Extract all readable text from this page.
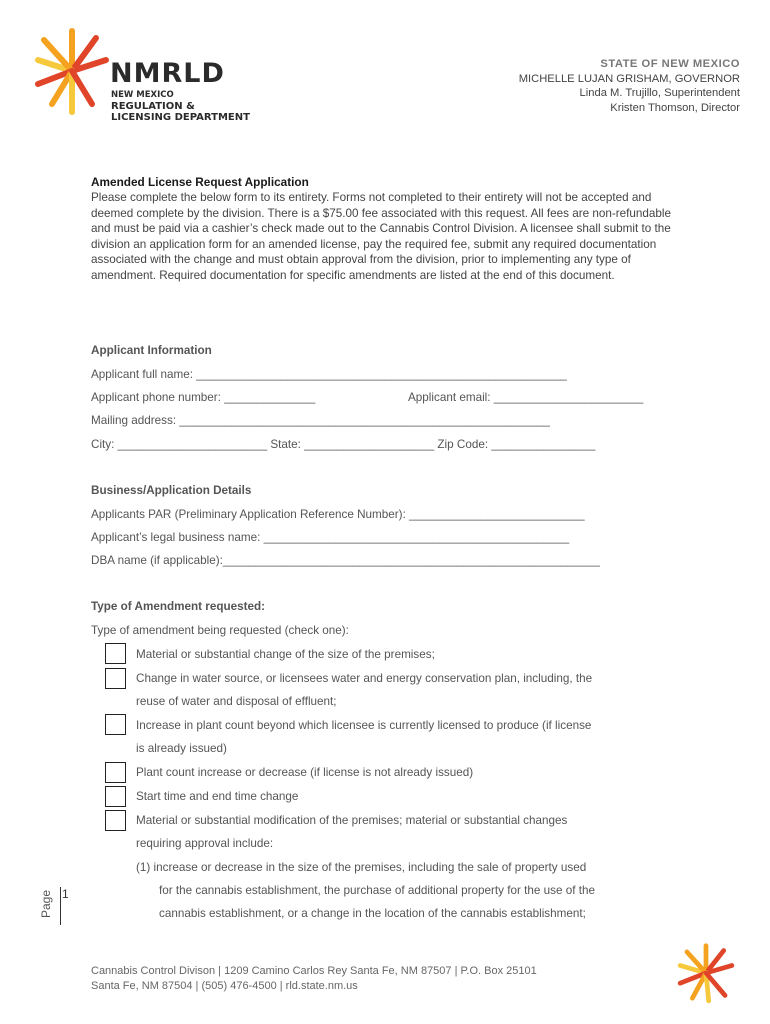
NMRLD
NEW MEXICO
REGULATION &
LICENSING DEPARTMENT
STATE OF NEW MEXICO
MICHELLE LUJAN GRISHAM, GOVERNOR
Linda M. Trujillo, Superintendent
Kristen Thomson, Director
Amended License Request Application
Please complete the below form to its entirety. Forms not completed to their entirety will not be accepted and deemed complete by the division. There is a $75.00 fee associated with this request. All fees are non-refundable and must be paid via a cashier’s check made out to the Cannabis Control Division. A licensee shall submit to the division an application form for an amended license, pay the required fee, submit any required documentation associated with the change and must obtain approval from the division, prior to implementing any type of amendment. Required documentation for specific amendments are listed at the end of this document.
Applicant Information
Applicant full name: _________________________________________________________
Applicant phone number: ______________	Applicant email: _______________________
Mailing address: _________________________________________________________
City: _______________________ State: ____________________ Zip Code: ________________
Business/Application Details
Applicants PAR (Preliminary Application Reference Number): ___________________________
Applicant’s legal business name: _______________________________________________
DBA name (if applicable):__________________________________________________________
Type of Amendment requested:
Type of amendment being requested (check one):
Material or substantial change of the size of the premises;
Change in water source, or licensees water and energy conservation plan, including, the
reuse of water and disposal of effluent;
Increase in plant count beyond which licensee is currently licensed to produce (if license
is already issued)
Plant count increase or decrease (if license is not already issued)
Start time and end time change
Material or substantial modification of the premises; material or substantial changes
requiring approval include:
(1) increase or decrease in the size of the premises, including the sale of property used
for the cannabis establishment, the purchase of additional property for the use of the
cannabis establishment, or a change in the location of the cannabis establishment;
Page 1
Cannabis Control Divison | 1209 Camino Carlos Rey Santa Fe, NM 87507 | P.O. Box 25101
Santa Fe, NM 87504 | (505) 476-4500 | rld.state.nm.us
